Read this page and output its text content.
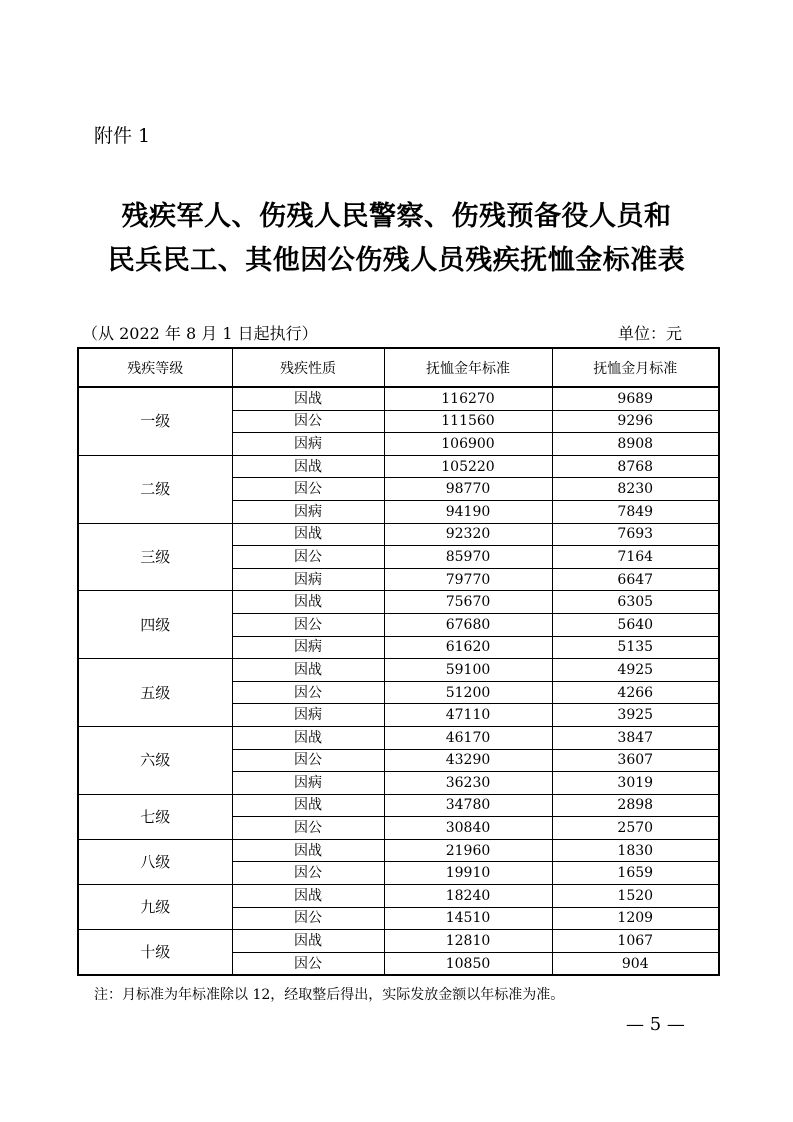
附件 1
残疾军人、伤残人民警察、伤残预备役人员和
民兵民工、其他因公伤残人员残疾抚恤金标准表
（从 2022 年 8 月 1 日起执行）	单位：元
残疾等级	残疾性质	抚恤金年标准	抚恤金月标准
一级	因战	116270	9689
	因公	111560	9296
	因病	106900	8908
二级	因战	105220	8768
	因公	98770	8230
	因病	94190	7849
三级	因战	92320	7693
	因公	85970	7164
	因病	79770	6647
四级	因战	75670	6305
	因公	67680	5640
	因病	61620	5135
五级	因战	59100	4925
	因公	51200	4266
	因病	47110	3925
六级	因战	46170	3847
	因公	43290	3607
	因病	36230	3019
七级	因战	34780	2898
	因公	30840	2570
八级	因战	21960	1830
	因公	19910	1659
九级	因战	18240	1520
	因公	14510	1209
十级	因战	12810	1067
	因公	10850	904
注：月标准为年标准除以 12，经取整后得出，实际发放金额以年标准为准。
— 5 —
